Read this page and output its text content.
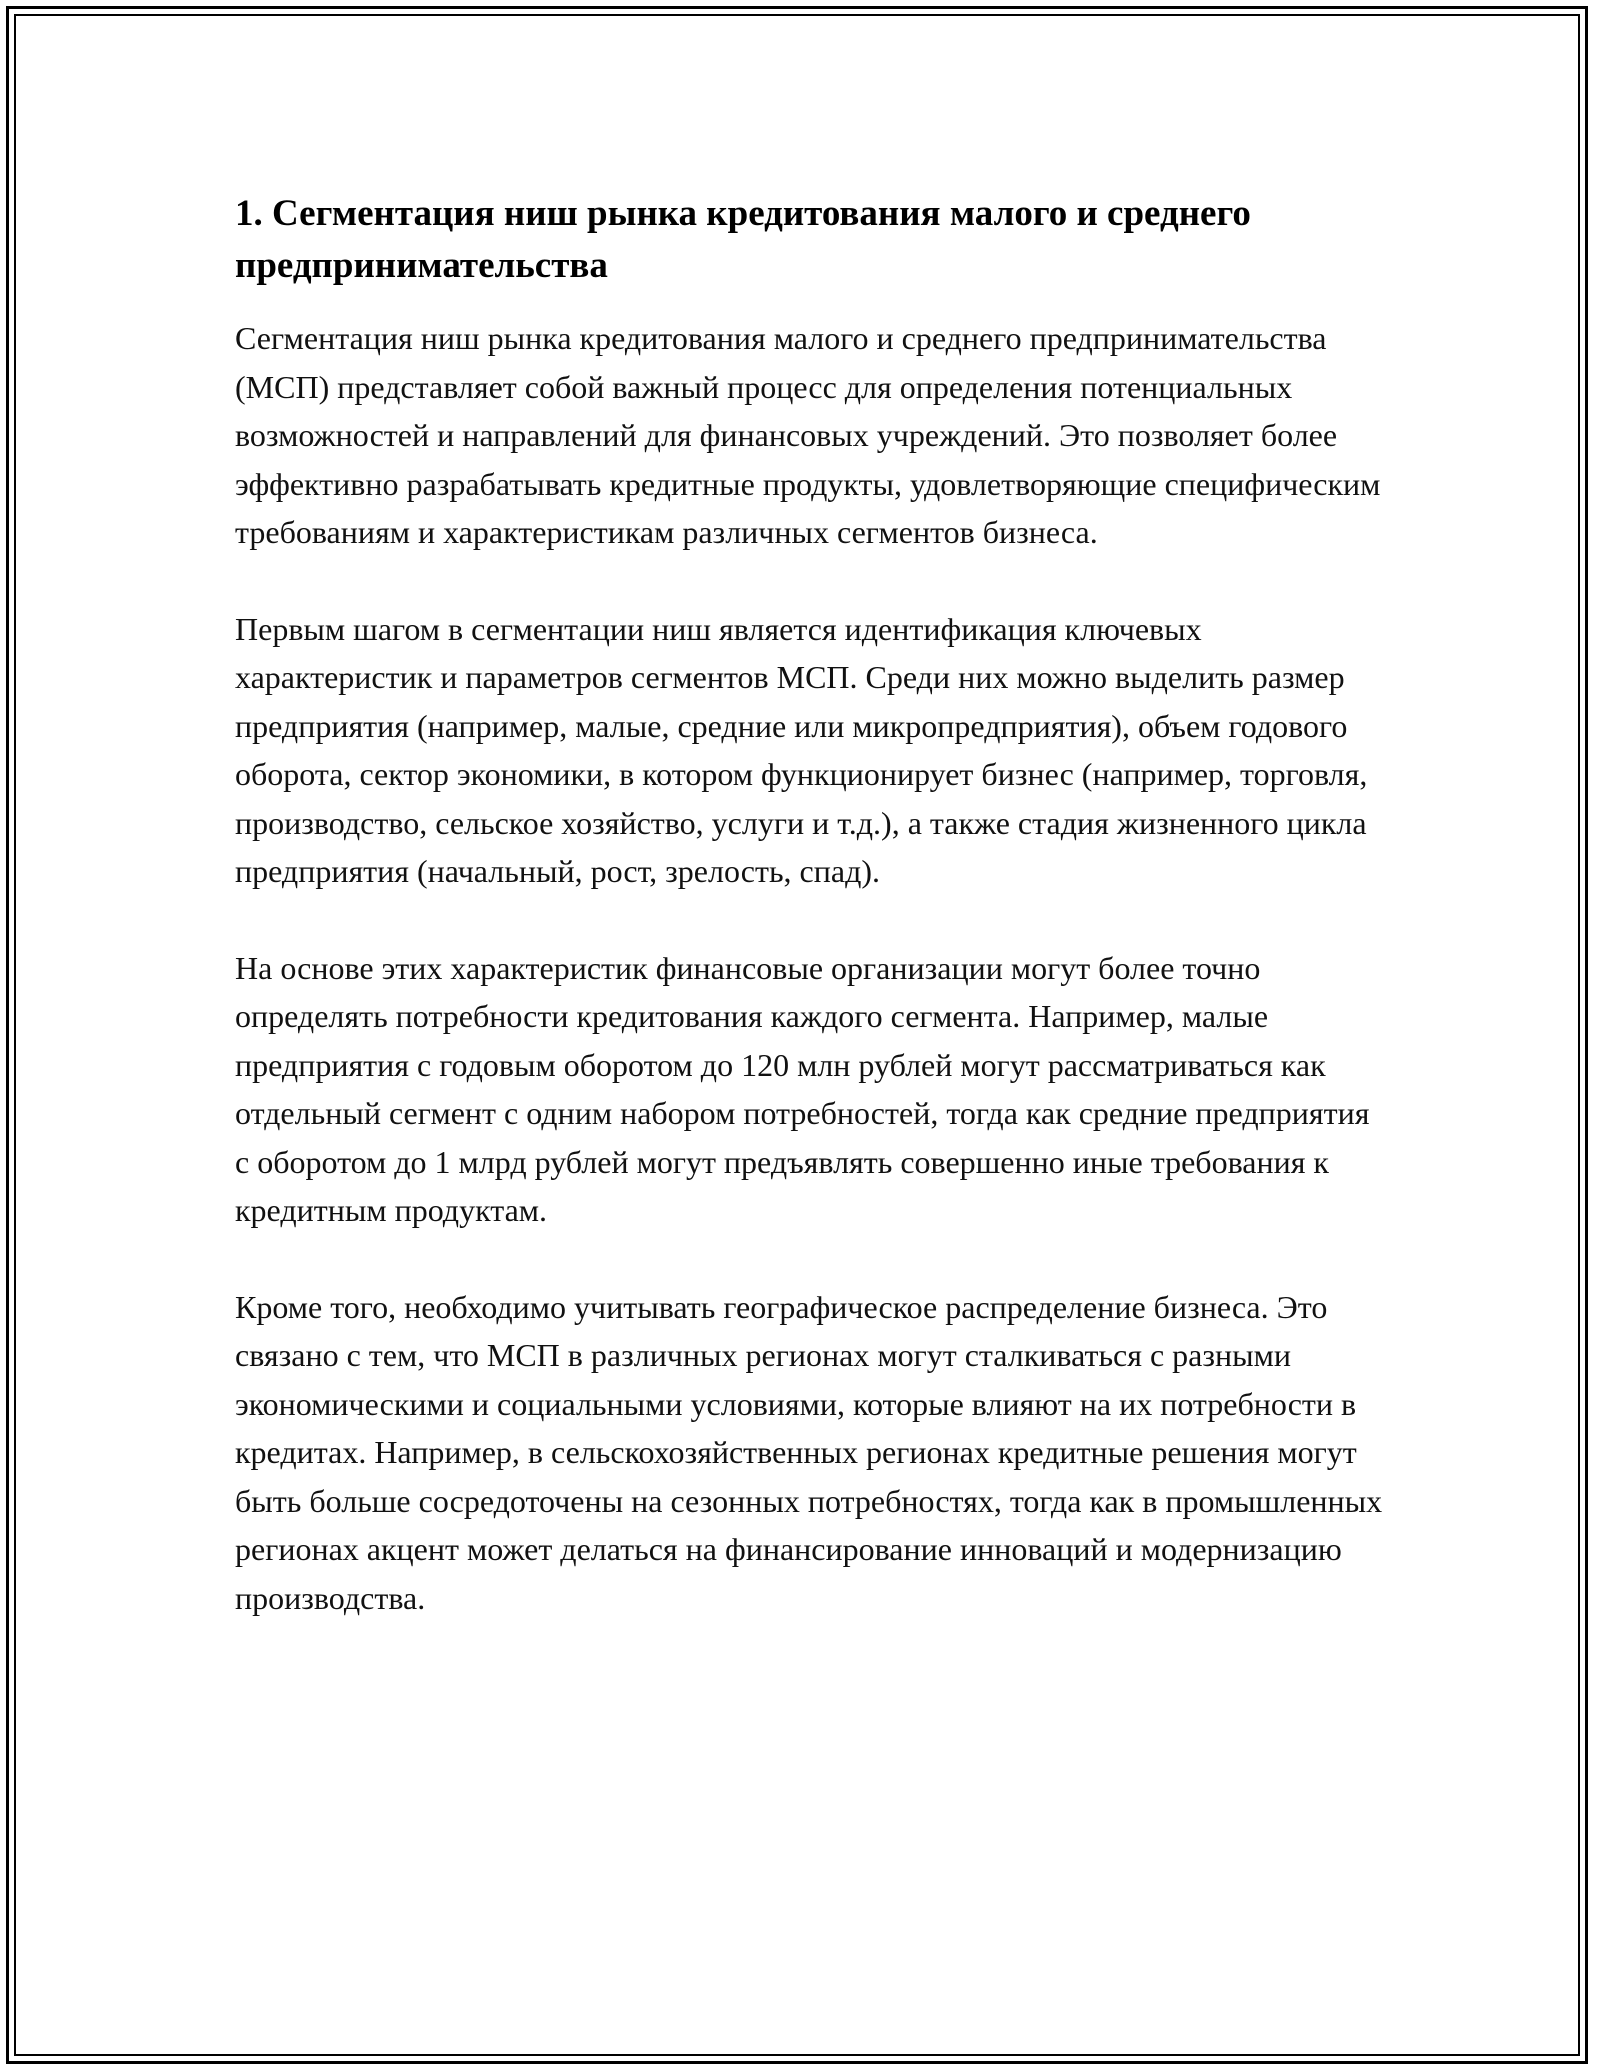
1. Сегментация ниш рынка кредитования малого и среднего предпринимательства

Сегментация ниш рынка кредитования малого и среднего предпринимательства (МСП) представляет собой важный процесс для определения потенциальных возможностей и направлений для финансовых учреждений. Это позволяет более эффективно разрабатывать кредитные продукты, удовлетворяющие специфическим требованиям и характеристикам различных сегментов бизнеса.

Первым шагом в сегментации ниш является идентификация ключевых характеристик и параметров сегментов МСП. Среди них можно выделить размер предприятия (например, малые, средние или микропредприятия), объем годового оборота, сектор экономики, в котором функционирует бизнес (например, торговля, производство, сельское хозяйство, услуги и т.д.), а также стадия жизненного цикла предприятия (начальный, рост, зрелость, спад).

На основе этих характеристик финансовые организации могут более точно определять потребности кредитования каждого сегмента. Например, малые предприятия с годовым оборотом до 120 млн рублей могут рассматриваться как отдельный сегмент с одним набором потребностей, тогда как средние предприятия с оборотом до 1 млрд рублей могут предъявлять совершенно иные требования к кредитным продуктам.

Кроме того, необходимо учитывать географическое распределение бизнеса. Это связано с тем, что МСП в различных регионах могут сталкиваться с разными экономическими и социальными условиями, которые влияют на их потребности в кредитах. Например, в сельскохозяйственных регионах кредитные решения могут быть больше сосредоточены на сезонных потребностях, тогда как в промышленных регионах акцент может делаться на финансирование инноваций и модернизацию производства.
